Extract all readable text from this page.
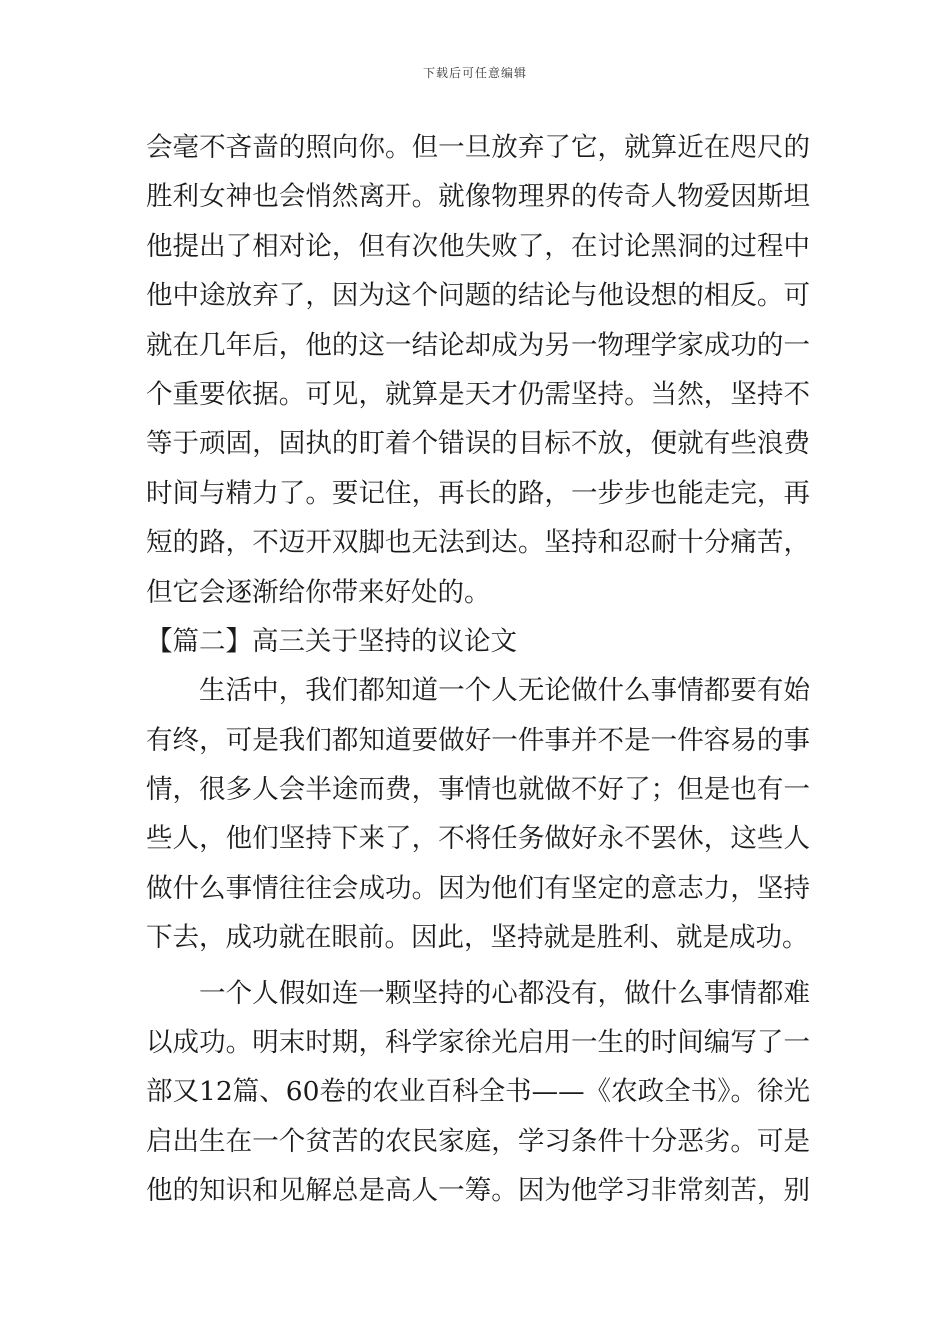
下载后可任意编辑
会毫不吝啬的照向你。但一旦放弃了它，就算近在咫尺的
胜利女神也会悄然离开。就像物理界的传奇人物爱因斯坦
他提出了相对论，但有次他失败了，在讨论黑洞的过程中
他中途放弃了，因为这个问题的结论与他设想的相反。可
就在几年后，他的这一结论却成为另一物理学家成功的一
个重要依据。可见，就算是天才仍需坚持。当然，坚持不
等于顽固，固执的盯着个错误的目标不放，便就有些浪费
时间与精力了。要记住，再长的路，一步步也能走完，再
短的路，不迈开双脚也无法到达。坚持和忍耐十分痛苦，
但它会逐渐给你带来好处的。
【篇二】高三关于坚持的议论文
生活中，我们都知道一个人无论做什么事情都要有始
有终，可是我们都知道要做好一件事并不是一件容易的事
情，很多人会半途而费，事情也就做不好了；但是也有一
些人，他们坚持下来了，不将任务做好永不罢休，这些人
做什么事情往往会成功。因为他们有坚定的意志力，坚持
下去，成功就在眼前。因此，坚持就是胜利、就是成功。
一个人假如连一颗坚持的心都没有，做什么事情都难
以成功。明末时期，科学家徐光启用一生的时间编写了一
部又12篇、60卷的农业百科全书——《农政全书》。徐光
启出生在一个贫苦的农民家庭，学习条件十分恶劣。可是
他的知识和见解总是高人一筹。因为他学习非常刻苦，别
